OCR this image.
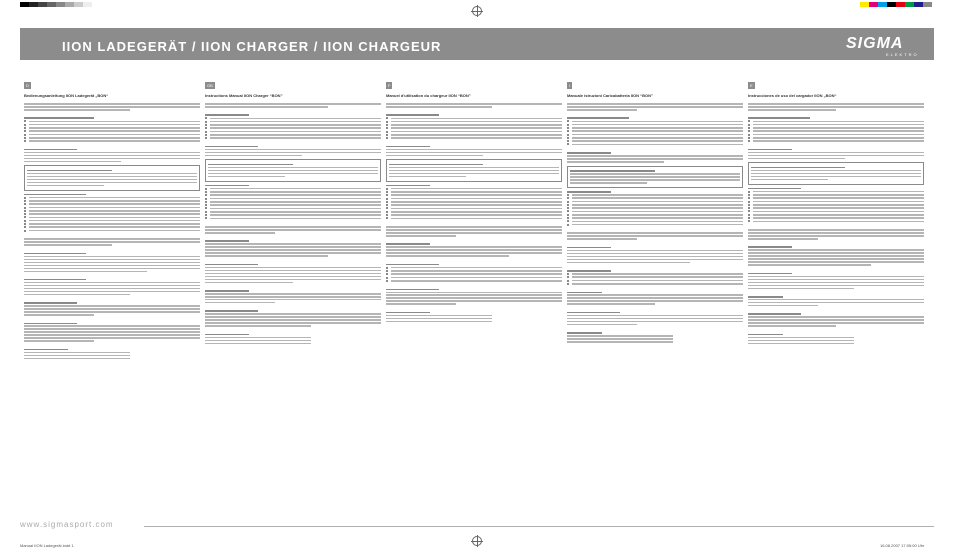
IION LADEGERÄT / IION CHARGER / IION CHARGEUR	SIGMA
ELEKTRO
D
Bedienungsanleitung IION Ladegerät „BON“
GB
Instructions Manual IION Charger “BON”
F
Manuel d'utilisation du chargeur IION “BON”
I
Manuale istruzioni Caricabatteria IION “BON”
E
Instrucciones de uso del cargador IION „BON“
www.sigmasport.com
Manual IION Ladegerät.indd 1	16.08.2007 17:05:00 Uhr
